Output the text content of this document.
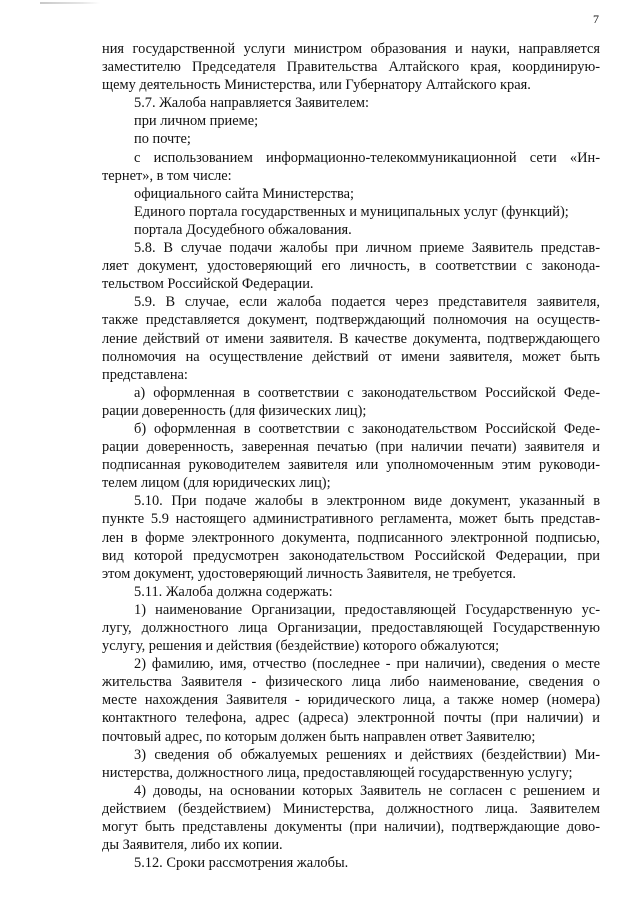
7

ния государственной услуги министром образования и науки, направляется

заместителю Председателя Правительства Алтайского края, координирую-

щему деятельность Министерства, или Губернатору Алтайского края.

5.7. Жалоба направляется Заявителем:

при личном приеме;

по почте;

с использованием информационно-телекоммуникационной сети «Ин-

тернет», в том числе:

официального сайта Министерства;

Единого портала государственных и муниципальных услуг (функций);

портала Досудебного обжалования.

5.8. В случае подачи жалобы при личном приеме Заявитель представ-

ляет документ, удостоверяющий его личность, в соответствии с законода-

тельством Российской Федерации.

5.9. В случае, если жалоба подается через представителя заявителя,

также представляется документ, подтверждающий полномочия на осуществ-

ление действий от имени заявителя. В качестве документа, подтверждающего

полномочия на осуществление действий от имени заявителя, может быть

представлена:

а) оформленная в соответствии с законодательством Российской Феде-

рации доверенность (для физических лиц);

б) оформленная в соответствии с законодательством Российской Феде-

рации доверенность, заверенная печатью (при наличии печати) заявителя и

подписанная руководителем заявителя или уполномоченным этим руководи-

телем лицом (для юридических лиц);

5.10. При подаче жалобы в электронном виде документ, указанный в

пункте 5.9 настоящего административного регламента, может быть представ-

лен в форме электронного документа, подписанного электронной подписью,

вид которой предусмотрен законодательством Российской Федерации, при

этом документ, удостоверяющий личность Заявителя, не требуется.

5.11. Жалоба должна содержать:

1) наименование Организации, предоставляющей Государственную ус-

лугу, должностного лица Организации, предоставляющей Государственную

услугу, решения и действия (бездействие) которого обжалуются;

2) фамилию, имя, отчество (последнее - при наличии), сведения о месте

жительства Заявителя - физического лица либо наименование, сведения о

месте нахождения Заявителя - юридического лица, а также номер (номера)

контактного телефона, адрес (адреса) электронной почты (при наличии) и

почтовый адрес, по которым должен быть направлен ответ Заявителю;

3) сведения об обжалуемых решениях и действиях (бездействии) Ми-

нистерства, должностного лица, предоставляющей государственную услугу;

4) доводы, на основании которых Заявитель не согласен с решением и

действием (бездействием) Министерства, должностного лица. Заявителем

могут быть представлены документы (при наличии), подтверждающие дово-

ды Заявителя, либо их копии.

5.12. Сроки рассмотрения жалобы.
